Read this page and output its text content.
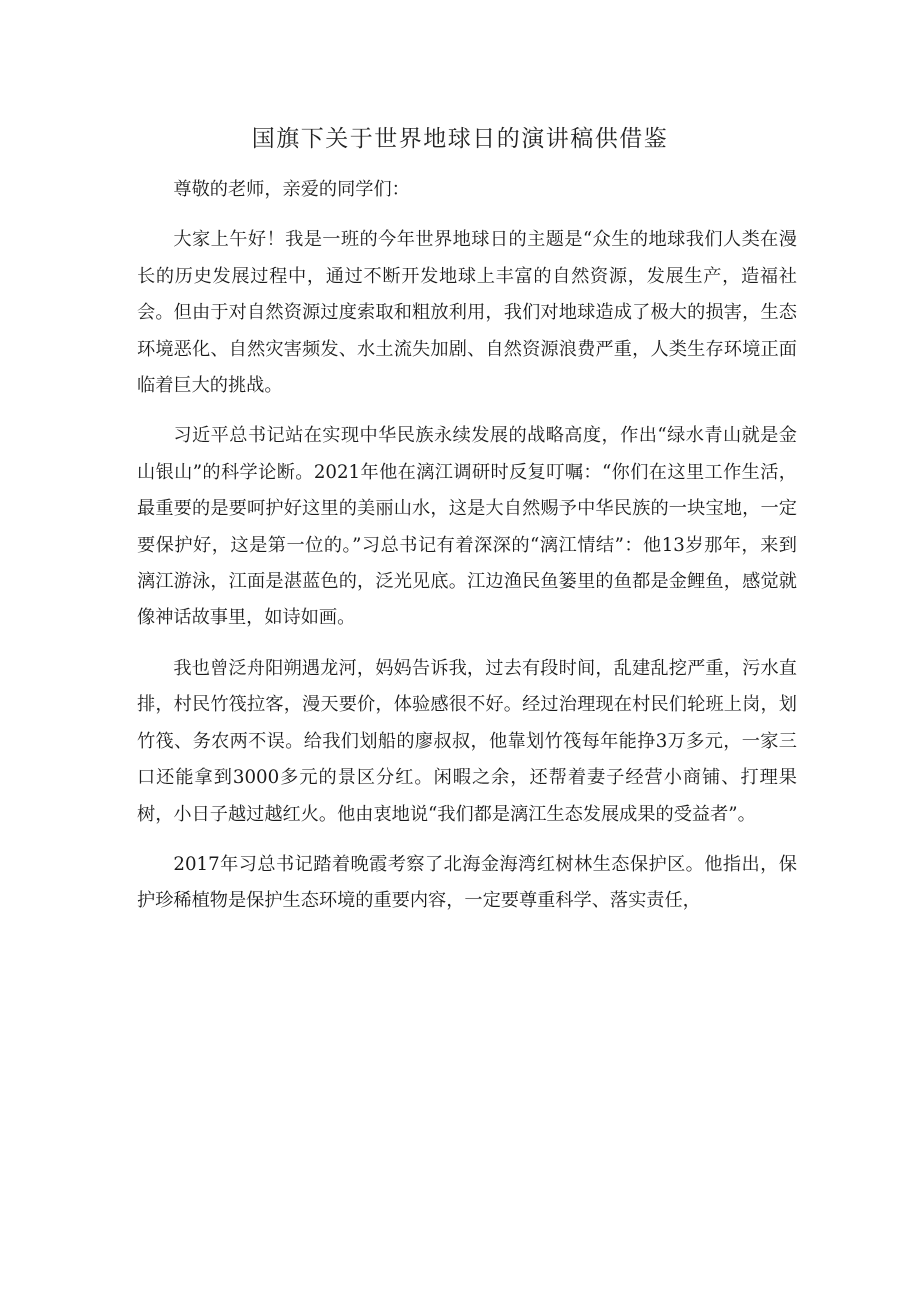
国旗下关于世界地球日的演讲稿供借鉴

尊敬的老师，亲爱的同学们：

大家上午好！我是一班的今年世界地球日的主题是“众生的地球我们人类在漫长的历史发展过程中，通过不断开发地球上丰富的自然资源，发展生产，造福社会。但由于对自然资源过度索取和粗放利用，我们对地球造成了极大的损害，生态环境恶化、自然灾害频发、水土流失加剧、自然资源浪费严重，人类生存环境正面临着巨大的挑战。

习近平总书记站在实现中华民族永续发展的战略高度，作出“绿水青山就是金山银山”的科学论断。2021年他在漓江调研时反复叮嘱：“你们在这里工作生活，最重要的是要呵护好这里的美丽山水，这是大自然赐予中华民族的一块宝地，一定要保护好，这是第一位的。”习总书记有着深深的“漓江情结”：他13岁那年，来到漓江游泳，江面是湛蓝色的，泛光见底。江边渔民鱼篓里的鱼都是金鲤鱼，感觉就像神话故事里，如诗如画。

我也曾泛舟阳朔遇龙河，妈妈告诉我，过去有段时间，乱建乱挖严重，污水直排，村民竹筏拉客，漫天要价，体验感很不好。经过治理现在村民们轮班上岗，划竹筏、务农两不误。给我们划船的廖叔叔，他靠划竹筏每年能挣3万多元，一家三口还能拿到3000多元的景区分红。闲暇之余，还帮着妻子经营小商铺、打理果树，小日子越过越红火。他由衷地说“我们都是漓江生态发展成果的受益者”。

2017年习总书记踏着晚霞考察了北海金海湾红树林生态保护区。他指出，保护珍稀植物是保护生态环境的重要内容，一定要尊重科学、落实责任，
